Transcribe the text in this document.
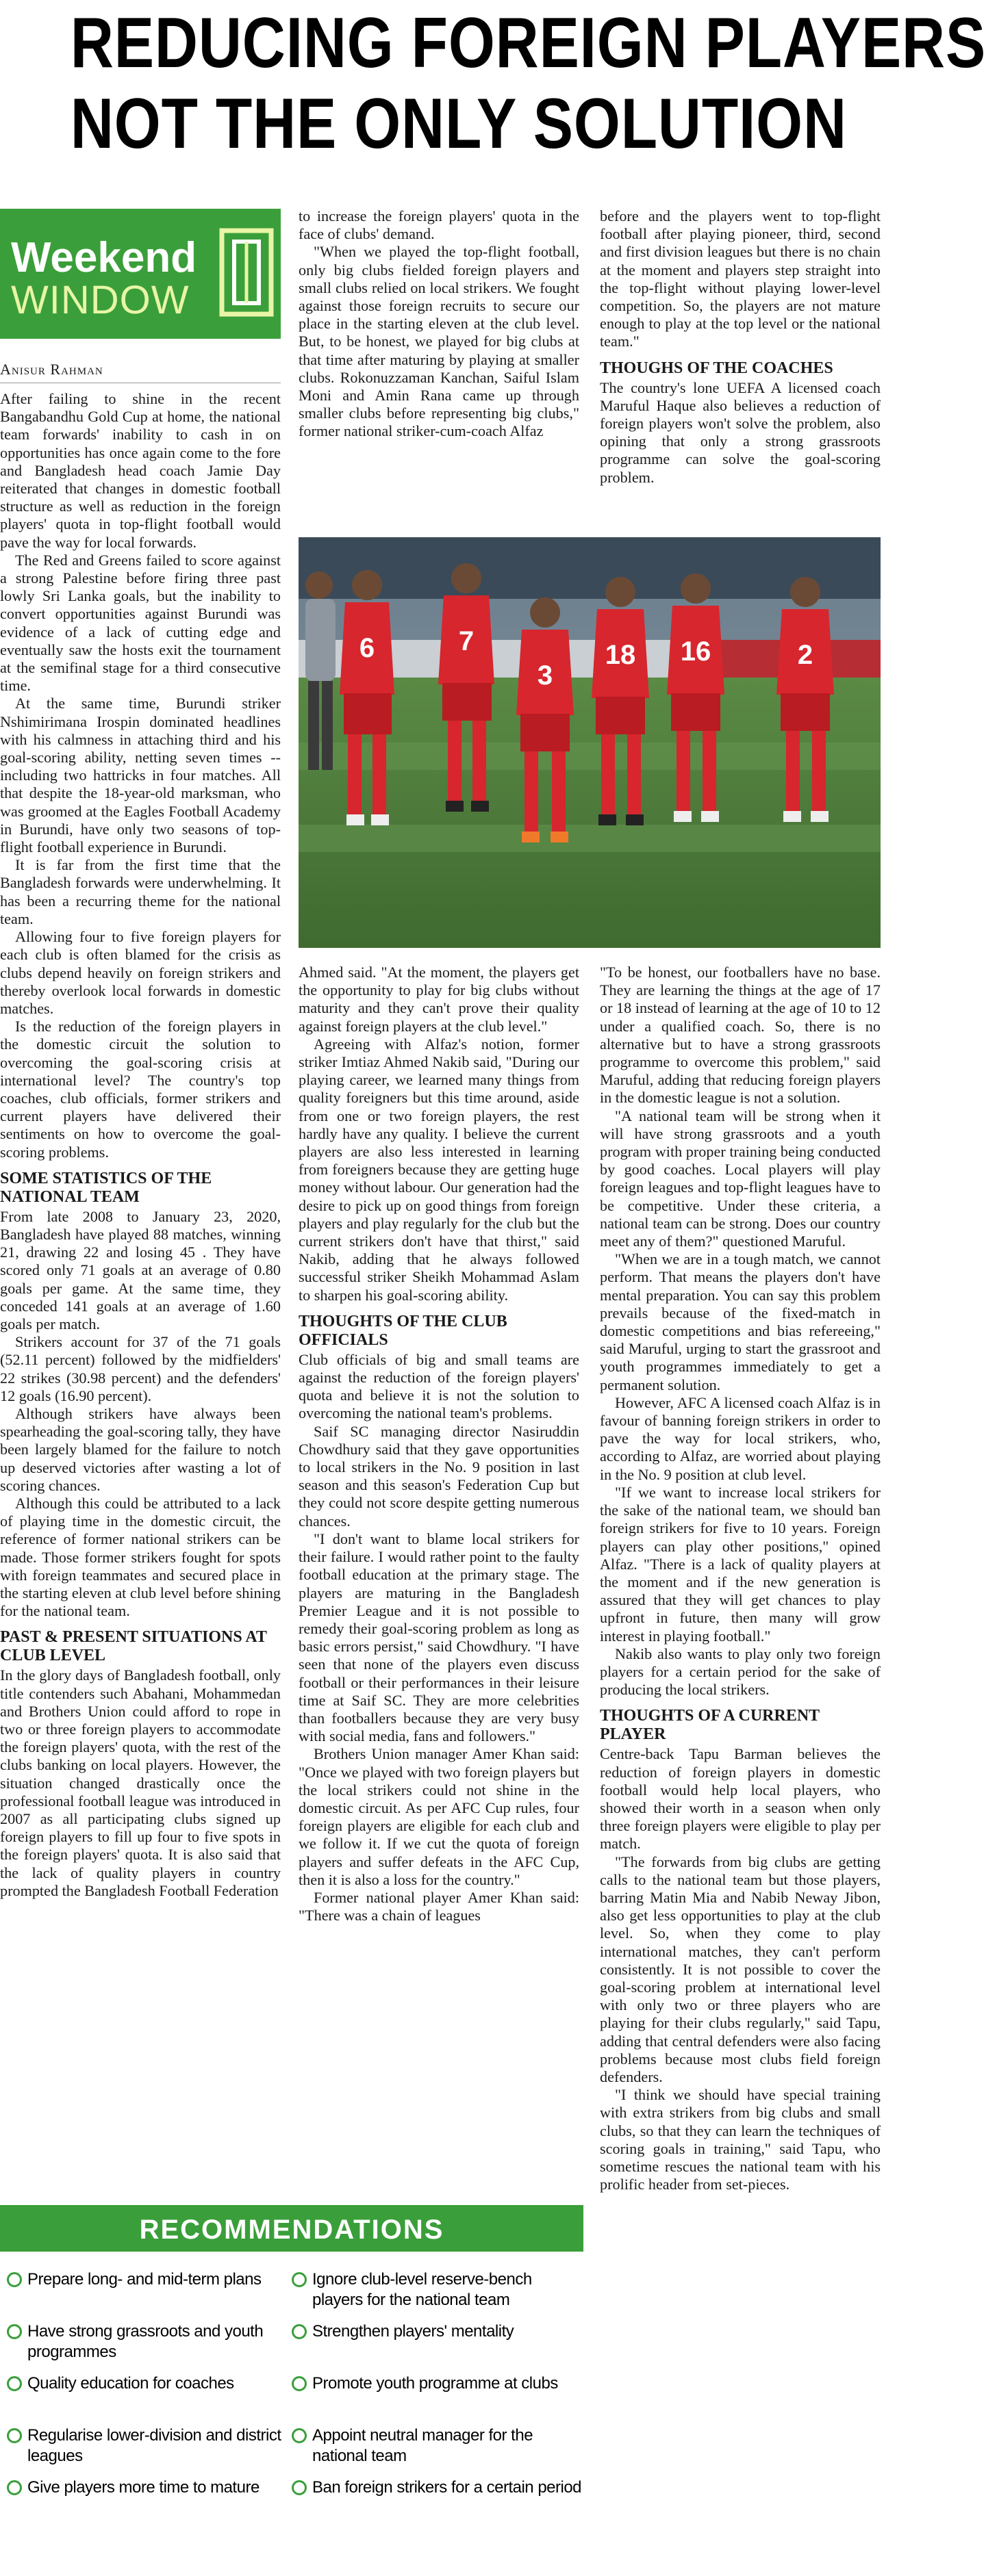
REDUCING FOREIGN PLAYERS
NOT THE ONLY SOLUTION
Weekend
WINDOW
Anisur Rahman

After failing to shine in the recent Bangabandhu Gold Cup at home, the national team forwards' inability to cash in on opportunities has once again come to the fore and Bangladesh head coach Jamie Day reiterated that changes in domestic football structure as well as reduction in the foreign players' quota in top-flight football would pave the way for local forwards.

The Red and Greens failed to score against a strong Palestine before firing three past lowly Sri Lanka goals, but the inability to convert opportunities against Burundi was evidence of a lack of cutting edge and eventually saw the hosts exit the tournament at the semifinal stage for a third consecutive time.

At the same time, Burundi striker Nshimirimana Irospin dominated headlines with his calmness in attaching third and his goal-scoring ability, netting seven times -- including two hattricks in four matches. All that despite the 18-year-old marksman, who was groomed at the Eagles Football Academy in Burundi, have only two seasons of top-flight football experience in Burundi.

It is far from the first time that the Bangladesh forwards were underwhelming. It has been a recurring theme for the national team.

Allowing four to five foreign players for each club is often blamed for the crisis as clubs depend heavily on foreign strikers and thereby overlook local forwards in domestic matches.

Is the reduction of the foreign players in the domestic circuit the solution to overcoming the goal-scoring crisis at international level? The country's top coaches, club officials, former strikers and current players have delivered their sentiments on how to overcome the goal-scoring problems.

SOME STATISTICS OF THE NATIONAL TEAM

From late 2008 to January 23, 2020, Bangladesh have played 88 matches, winning 21, drawing 22 and losing 45 . They have scored only 71 goals at an average of 0.80 goals per game. At the same time, they conceded 141 goals at an average of 1.60 goals per match.

Strikers account for 37 of the 71 goals (52.11 percent) followed by the midfielders' 22 strikes (30.98 percent) and the defenders' 12 goals (16.90 percent).

Although strikers have always been spearheading the goal-scoring tally, they have been largely blamed for the failure to notch up deserved victories after wasting a lot of scoring chances.

Although this could be attributed to a lack of playing time in the domestic circuit, the reference of former national strikers can be made. Those former strikers fought for spots with foreign teammates and secured place in the starting eleven at club level before shining for the national team.

PAST & PRESENT SITUATIONS AT CLUB LEVEL

In the glory days of Bangladesh football, only title contenders such Abahani, Mohammedan and Brothers Union could afford to rope in two or three foreign players to accommodate the foreign players' quota, with the rest of the clubs banking on local players. However, the situation changed drastically once the professional football league was introduced in 2007 as all participating clubs signed up foreign players to fill up four to five spots in the foreign players' quota. It is also said that the lack of quality players in country prompted the Bangladesh Football Federation

to increase the foreign players' quota in the face of clubs' demand.

"When we played the top-flight football, only big clubs fielded foreign players and small clubs relied on local strikers. We fought against those foreign recruits to secure our place in the starting eleven at the club level. But, to be honest, we played for big clubs at that time after maturing by playing at smaller clubs. Rokonuzzaman Kanchan, Saiful Islam Moni and Amin Rana came up through smaller clubs before representing big clubs," former national striker-cum-coach Alfaz

before and the players went to top-flight football after playing pioneer, third, second and first division leagues but there is no chain at the moment and players step straight into the top-flight without playing lower-level competition. So, the players are not mature enough to play at the top level or the national team."

THOUGHS OF THE COACHES

The country's lone UEFA A licensed coach Maruful Haque also believes a reduction of foreign players won't solve the problem, also opining that only a strong grassroots programme can solve the goal-scoring problem.

6	7
3
18 16	2

Ahmed said. "At the moment, the players get the opportunity to play for big clubs without maturity and they can't prove their quality against foreign players at the club level."

Agreeing with Alfaz's notion, former striker Imtiaz Ahmed Nakib said, "During our playing career, we learned many things from quality foreigners but this time around, aside from one or two foreign players, the rest hardly have any quality. I believe the current players are also less interested in learning from foreigners because they are getting huge money without labour. Our generation had the desire to pick up on good things from foreign players and play regularly for the club but the current strikers don't have that thirst," said Nakib, adding that he always followed successful striker Sheikh Mohammad Aslam to sharpen his goal-scoring ability.

THOUGHTS OF THE CLUB OFFICIALS

Club officials of big and small teams are against the reduction of the foreign players' quota and believe it is not the solution to overcoming the national team's problems.

Saif SC managing director Nasiruddin Chowdhury said that they gave opportunities to local strikers in the No. 9 position in last season and this season's Federation Cup but they could not score despite getting numerous chances.

"I don't want to blame local strikers for their failure. I would rather point to the faulty football education at the primary stage. The players are maturing in the Bangladesh Premier League and it is not possible to remedy their goal-scoring problem as long as basic errors persist," said Chowdhury. "I have seen that none of the players even discuss football or their performances in their leisure time at Saif SC. They are more celebrities than footballers because they are very busy with social media, fans and followers."

Brothers Union manager Amer Khan said: "Once we played with two foreign players but the local strikers could not shine in the domestic circuit. As per AFC Cup rules, four foreign players are eligible for each club and we follow it. If we cut the quota of foreign players and suffer defeats in the AFC Cup, then it is also a loss for the country."

Former national player Amer Khan said: "There was a chain of leagues

"To be honest, our footballers have no base. They are learning the things at the age of 17 or 18 instead of learning at the age of 10 to 12 under a qualified coach. So, there is no alternative but to have a strong grassroots programme to overcome this problem," said Maruful, adding that reducing foreign players in the domestic league is not a solution.

"A national team will be strong when it will have strong grassroots and a youth program with proper training being conducted by good coaches. Local players will play foreign leagues and top-flight leagues have to be competitive. Under these criteria, a national team can be strong. Does our country meet any of them?" questioned Maruful.

"When we are in a tough match, we cannot perform. That means the players don't have mental preparation. You can say this problem prevails because of the fixed-match in domestic competitions and bias refereeing," said Maruful, urging to start the grassroot and youth programmes immediately to get a permanent solution.

However, AFC A licensed coach Alfaz is in favour of banning foreign strikers in order to pave the way for local strikers, who, according to Alfaz, are worried about playing in the No. 9 position at club level.

"If we want to increase local strikers for the sake of the national team, we should ban foreign strikers for five to 10 years. Foreign players can play other positions," opined Alfaz. "There is a lack of quality players at the moment and if the new generation is assured that they will get chances to play upfront in future, then many will grow interest in playing football."

Nakib also wants to play only two foreign players for a certain period for the sake of producing the local strikers.

THOUGHTS OF A CURRENT PLAYER

Centre-back Tapu Barman believes the reduction of foreign players in domestic football would help local players, who showed their worth in a season when only three foreign players were eligible to play per match.

"The forwards from big clubs are getting calls to the national team but those players, barring Matin Mia and Nabib Neway Jibon, also get less opportunities to play at the club level. So, when they come to play international matches, they can't perform consistently. It is not possible to cover the goal-scoring problem at international level with only two or three players who are playing for their clubs regularly," said Tapu, adding that central defenders were also facing problems because most clubs field foreign defenders.

"I think we should have special training with extra strikers from big clubs and small clubs, so that they can learn the techniques of scoring goals in training," said Tapu, who sometime rescues the national team with his prolific header from set-pieces.

RECOMMENDATIONS
Prepare long- and mid-term plans	Ignore club-level reserve-bench players for the national team
Have strong grassroots and youth programmes
Strengthen players' mentality
Quality education for coaches	Promote youth programme at clubs
Regularise lower-division and district leagues
Appoint neutral manager for the national team
Give players more time to mature	Ban foreign strikers for a certain period
